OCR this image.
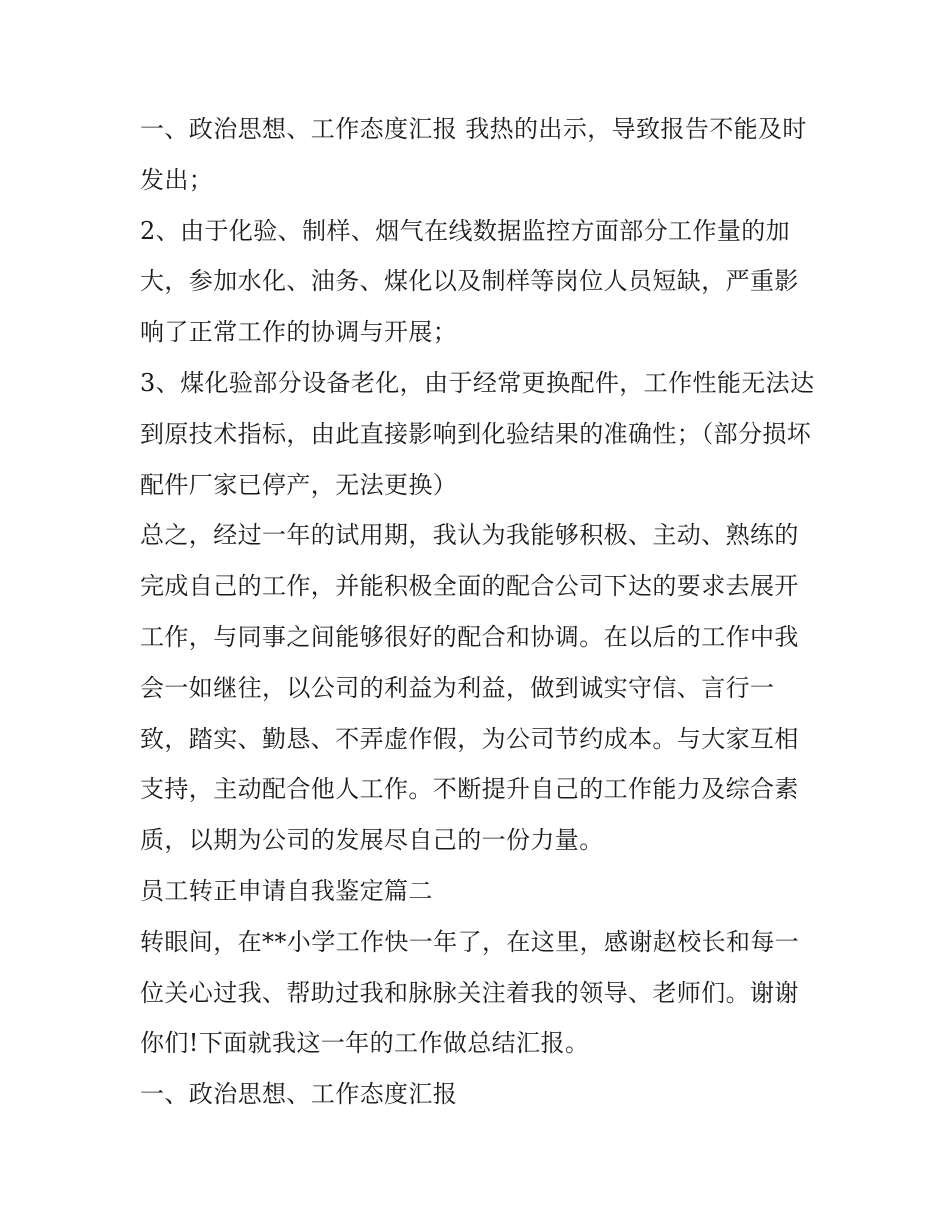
一、政治思想、工作态度汇报 我热的出示，导致报告不能及时发出；

2、由于化验、制样、烟气在线数据监控方面部分工作量的加大，参加水化、油务、煤化以及制样等岗位人员短缺，严重影响了正常工作的协调与开展；

3、煤化验部分设备老化，由于经常更换配件，工作性能无法达到原技术指标，由此直接影响到化验结果的准确性；（部分损坏配件厂家已停产，无法更换）

总之，经过一年的试用期，我认为我能够积极、主动、熟练的完成自己的工作，并能积极全面的配合公司下达的要求去展开工作，与同事之间能够很好的配合和协调。在以后的工作中我会一如继往，以公司的利益为利益，做到诚实守信、言行一致，踏实、勤恳、不弄虚作假，为公司节约成本。与大家互相支持，主动配合他人工作。不断提升自己的工作能力及综合素质，以期为公司的发展尽自己的一份力量。

员工转正申请自我鉴定篇二

转眼间，在**小学工作快一年了，在这里，感谢赵校长和每一位关心过我、帮助过我和脉脉关注着我的领导、老师们。谢谢你们!下面就我这一年的工作做总结汇报。

一、政治思想、工作态度汇报
